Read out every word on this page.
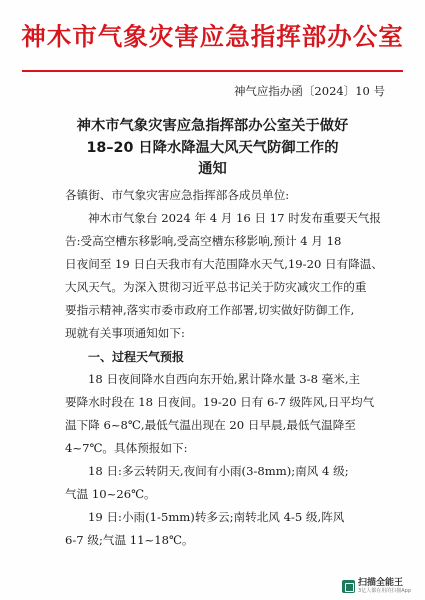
神木市气象灾害应急指挥部办公室
神气应指办函〔2024〕10 号
神木市气象灾害应急指挥部办公室关于做好
18–20 日降水降温大风天气防御工作的
通知
各镇街、市气象灾害应急指挥部各成员单位:
神木市气象台 2024 年 4 月 16 日 17 时发布重要天气报
告:受高空槽东移影响,受高空槽东移影响,预计 4 月 18
日夜间至 19 日白天我市有大范围降水天气,19-20 日有降温、
大风天气。为深入贯彻习近平总书记关于防灾减灾工作的重
要指示精神,落实市委市政府工作部署,切实做好防御工作,
现就有关事项通知如下:
一、过程天气预报
18 日夜间降水自西向东开始,累计降水量 3-8 毫米,主
要降水时段在 18 日夜间。19-20 日有 6-7 级阵风,日平均气
温下降 6~8℃,最低气温出现在 20 日早晨,最低气温降至
4~7℃。具体预报如下:
18 日:多云转阴天,夜间有小雨(3-8mm);南风 4 级;
气温 10~26℃。
19 日:小雨(1-5mm)转多云;南转北风 4-5 级,阵风
6-7 级;气温 11~18℃。
扫描全能王
3亿人都在用的扫描App
